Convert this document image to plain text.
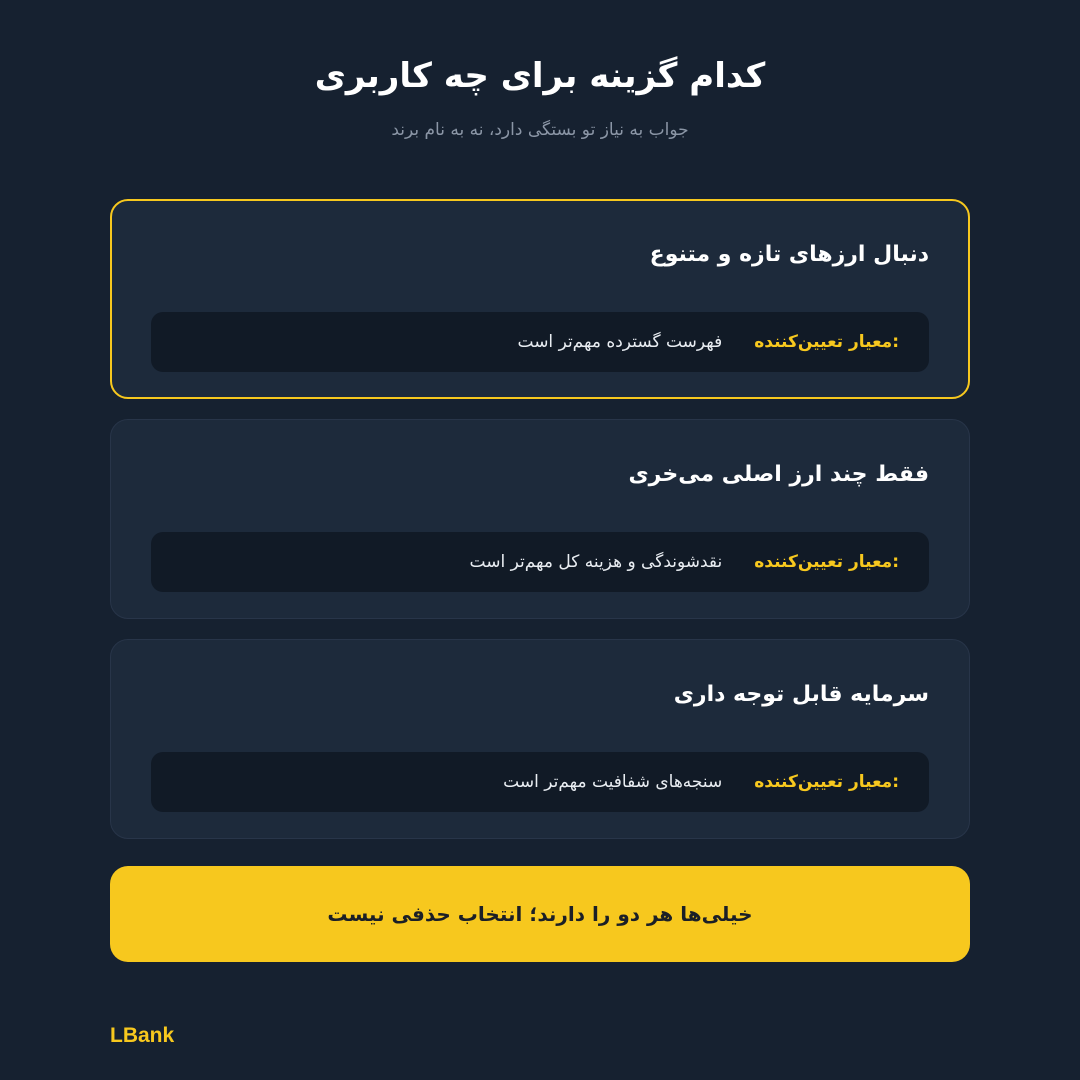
کدام گزینه برای چه کاربری
جواب به نیاز تو بستگی دارد، نه به نام برند
دنبال ارزهای تازه و متنوع
:معیار تعیین‌کننده
فهرست گسترده مهم‌تر است
فقط چند ارز اصلی می‌خری
:معیار تعیین‌کننده
نقدشوندگی و هزینه کل مهم‌تر است
سرمایه قابل توجه داری
:معیار تعیین‌کننده
سنجه‌های شفافیت مهم‌تر است
خیلی‌ها هر دو را دارند؛ انتخاب حذفی نیست
LBank
